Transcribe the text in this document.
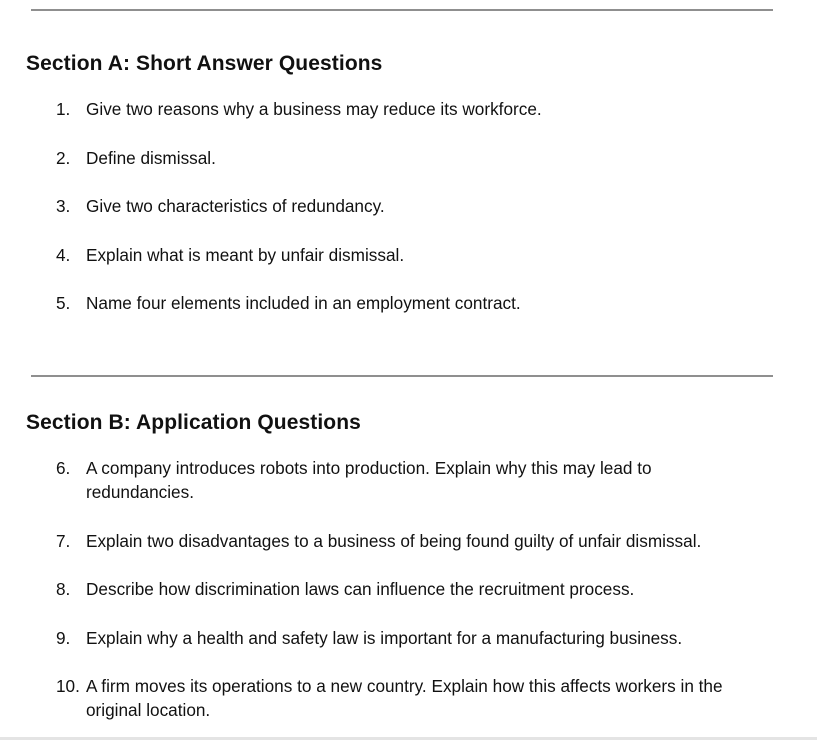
Section A: Short Answer Questions
1. Give two reasons why a business may reduce its workforce.
2. Define dismissal.
3. Give two characteristics of redundancy.
4. Explain what is meant by unfair dismissal.
5. Name four elements included in an employment contract.
Section B: Application Questions
6. A company introduces robots into production. Explain why this may lead to redundancies.
7. Explain two disadvantages to a business of being found guilty of unfair dismissal.
8. Describe how discrimination laws can influence the recruitment process.
9. Explain why a health and safety law is important for a manufacturing business.
10. A firm moves its operations to a new country. Explain how this affects workers in the original location.
